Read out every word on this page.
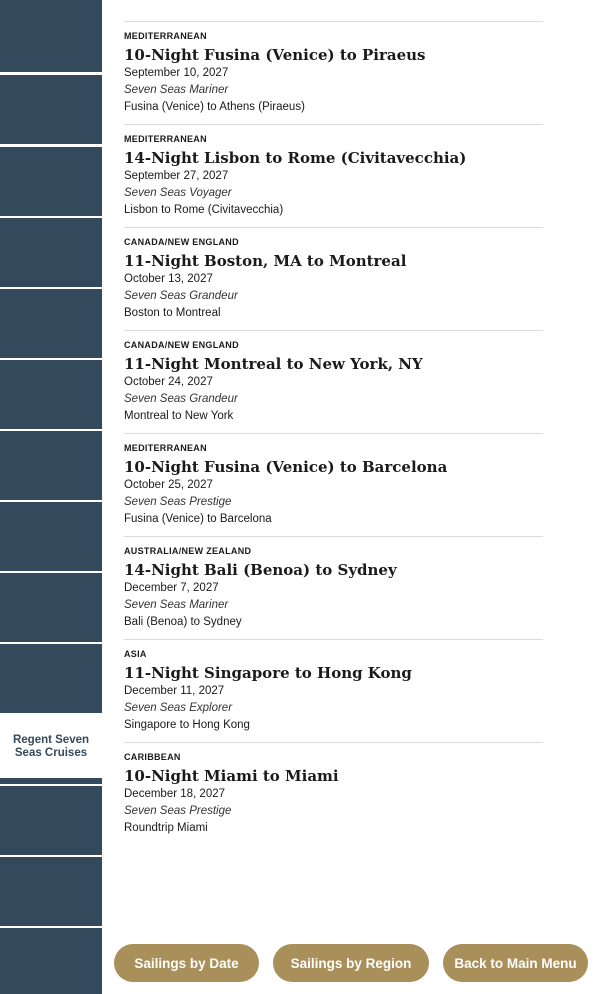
Regent Seven Seas Cruises
MEDITERRANEAN
10-Night Fusina (Venice) to Piraeus
September 10, 2027
Seven Seas Mariner
Fusina (Venice) to Athens (Piraeus)
MEDITERRANEAN
14-Night Lisbon to Rome (Civitavecchia)
September 27, 2027
Seven Seas Voyager
Lisbon to Rome (Civitavecchia)
CANADA/NEW ENGLAND
11-Night Boston, MA to Montreal
October 13, 2027
Seven Seas Grandeur
Boston to Montreal
CANADA/NEW ENGLAND
11-Night Montreal to New York, NY
October 24, 2027
Seven Seas Grandeur
Montreal to New York
MEDITERRANEAN
10-Night Fusina (Venice) to Barcelona
October 25, 2027
Seven Seas Prestige
Fusina (Venice) to Barcelona
AUSTRALIA/NEW ZEALAND
14-Night Bali (Benoa) to Sydney
December 7, 2027
Seven Seas Mariner
Bali (Benoa) to Sydney
ASIA
11-Night Singapore to Hong Kong
December 11, 2027
Seven Seas Explorer
Singapore to Hong Kong
CARIBBEAN
10-Night Miami to Miami
December 18, 2027
Seven Seas Prestige
Roundtrip Miami
Sailings by Date	Sailings by Region	Back to Main Menu
